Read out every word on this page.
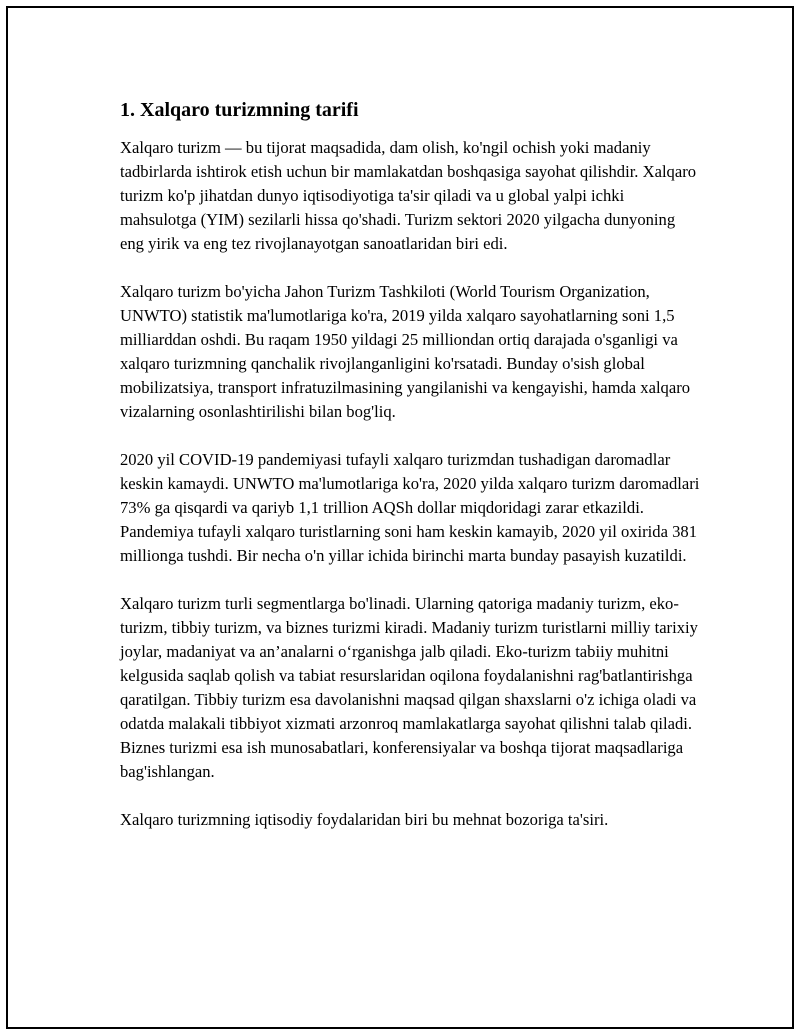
1. Xalqaro turizmning tarifi

Xalqaro turizm — bu tijorat maqsadida, dam olish, ko'ngil ochish yoki madaniy tadbirlarda ishtirok etish uchun bir mamlakatdan boshqasiga sayohat qilishdir. Xalqaro turizm ko'p jihatdan dunyo iqtisodiyotiga ta'sir qiladi va u global yalpi ichki mahsulotga (YIM) sezilarli hissa qo'shadi. Turizm sektori 2020 yilgacha dunyoning eng yirik va eng tez rivojlanayotgan sanoatlaridan biri edi.

Xalqaro turizm bo'yicha Jahon Turizm Tashkiloti (World Tourism Organization, UNWTO) statistik ma'lumotlariga ko'ra, 2019 yilda xalqaro sayohatlarning soni 1,5 milliarddan oshdi. Bu raqam 1950 yildagi 25 milliondan ortiq darajada o'sganligi va xalqaro turizmning qanchalik rivojlanganligini ko'rsatadi. Bunday o'sish global mobilizatsiya, transport infratuzilmasining yangilanishi va kengayishi, hamda xalqaro vizalarning osonlashtirilishi bilan bog'liq.

2020 yil COVID-19 pandemiyasi tufayli xalqaro turizmdan tushadigan daromadlar keskin kamaydi. UNWTO ma'lumotlariga ko'ra, 2020 yilda xalqaro turizm daromadlari 73% ga qisqardi va qariyb 1,1 trillion AQSh dollar miqdoridagi zarar etkazildi. Pandemiya tufayli xalqaro turistlarning soni ham keskin kamayib, 2020 yil oxirida 381 millionga tushdi. Bir necha o'n yillar ichida birinchi marta bunday pasayish kuzatildi.

Xalqaro turizm turli segmentlarga bo'linadi. Ularning qatoriga madaniy turizm, eko-turizm, tibbiy turizm, va biznes turizmi kiradi. Madaniy turizm turistlarni milliy tarixiy joylar, madaniyat va an’analarni o‘rganishga jalb qiladi. Eko-turizm tabiiy muhitni kelgusida saqlab qolish va tabiat resurslaridan oqilona foydalanishni rag'batlantirishga qaratilgan. Tibbiy turizm esa davolanishni maqsad qilgan shaxslarni o'z ichiga oladi va odatda malakali tibbiyot xizmati arzonroq mamlakatlarga sayohat qilishni talab qiladi. Biznes turizmi esa ish munosabatlari, konferensiyalar va boshqa tijorat maqsadlariga bag'ishlangan.

Xalqaro turizmning iqtisodiy foydalaridan biri bu mehnat bozoriga ta'siri.
